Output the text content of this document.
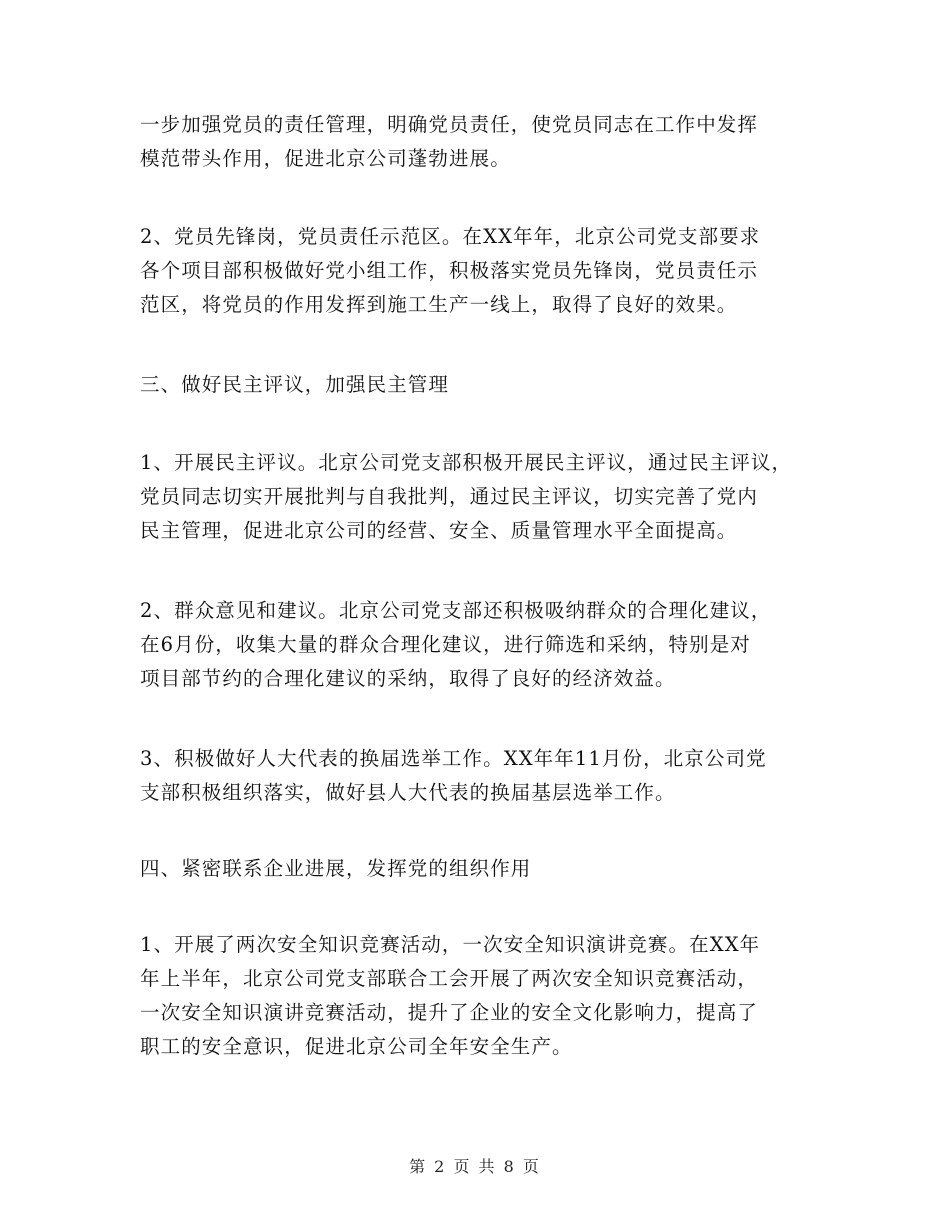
一步加强党员的责任管理，明确党员责任，使党员同志在工作中发挥
模范带头作用，促进北京公司蓬勃进展。
2、党员先锋岗，党员责任示范区。在XX年年，北京公司党支部要求
各个项目部积极做好党小组工作，积极落实党员先锋岗，党员责任示
范区，将党员的作用发挥到施工生产一线上，取得了良好的效果。
三、做好民主评议，加强民主管理
1、开展民主评议。北京公司党支部积极开展民主评议，通过民主评议，
党员同志切实开展批判与自我批判，通过民主评议，切实完善了党内
民主管理，促进北京公司的经营、安全、质量管理水平全面提高。
2、群众意见和建议。北京公司党支部还积极吸纳群众的合理化建议，
在6月份，收集大量的群众合理化建议，进行筛选和采纳，特别是对
项目部节约的合理化建议的采纳，取得了良好的经济效益。
3、积极做好人大代表的换届选举工作。XX年年11月份，北京公司党
支部积极组织落实，做好县人大代表的换届基层选举工作。
四、紧密联系企业进展，发挥党的组织作用
1、开展了两次安全知识竞赛活动，一次安全知识演讲竞赛。在XX年
年上半年，北京公司党支部联合工会开展了两次安全知识竞赛活动，
一次安全知识演讲竞赛活动，提升了企业的安全文化影响力，提高了
职工的安全意识，促进北京公司全年安全生产。
第 2 页 共 8 页
